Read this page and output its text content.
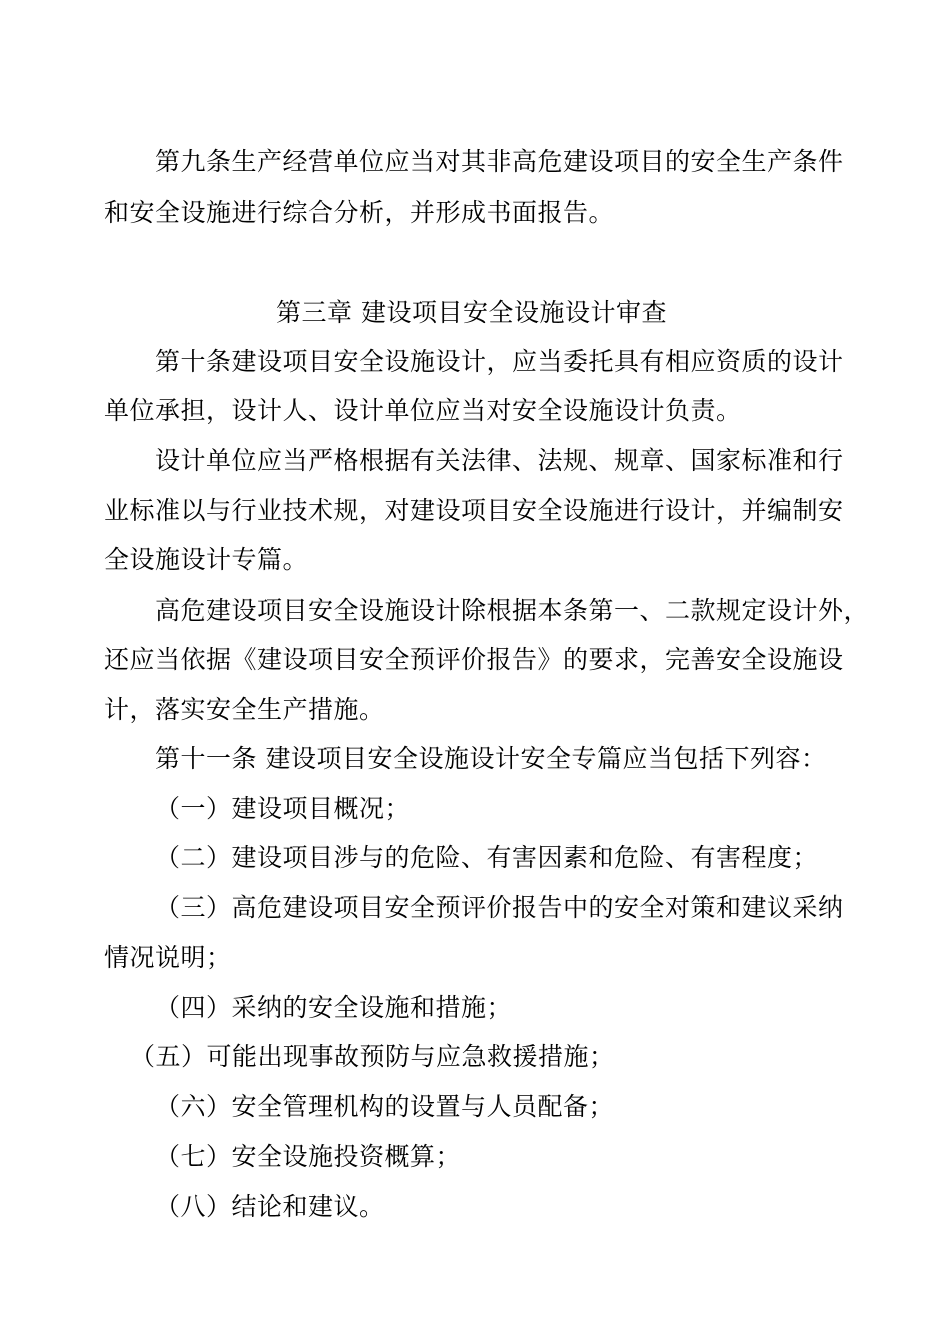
第九条生产经营单位应当对其非高危建设项目的安全生产条件
和安全设施进行综合分析，并形成书面报告。
第三章 建设项目安全设施设计审查
第十条建设项目安全设施设计，应当委托具有相应资质的设计
单位承担，设计人、设计单位应当对安全设施设计负责。
设计单位应当严格根据有关法律、法规、规章、国家标准和行
业标准以与行业技术规，对建设项目安全设施进行设计，并编制安
全设施设计专篇。
高危建设项目安全设施设计除根据本条第一、二款规定设计外，
还应当依据《建设项目安全预评价报告》的要求，完善安全设施设
计，落实安全生产措施。
第十一条 建设项目安全设施设计安全专篇应当包括下列容：
（一）建设项目概况；
（二）建设项目涉与的危险、有害因素和危险、有害程度；
（三）高危建设项目安全预评价报告中的安全对策和建议采纳
情况说明；
（四）采纳的安全设施和措施；
（五）可能出现事故预防与应急救援措施；
（六）安全管理机构的设置与人员配备；
（七）安全设施投资概算；
（八）结论和建议。
